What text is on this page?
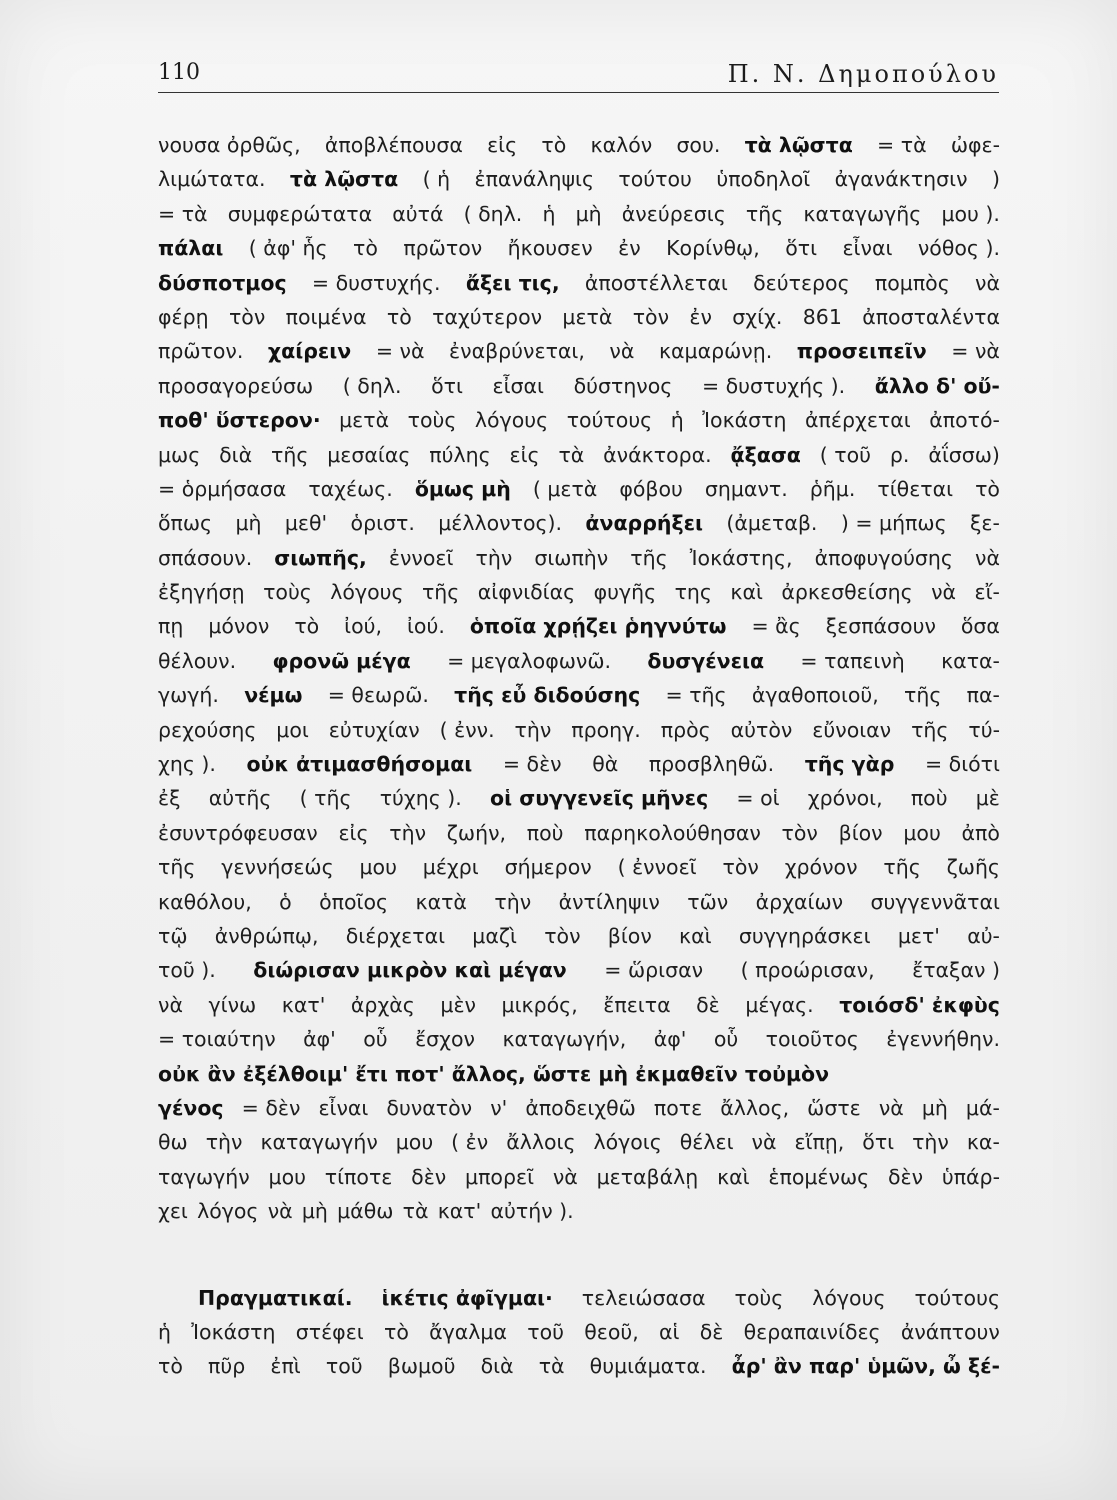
110	Π. Ν. Δημοπούλου
νουσα ὀρθῶς, ἀποβλέπουσα εἰς τὸ καλόν σου. τὰ λῷστα = τὰ ὠφε-
λιμώτατα. τὰ λῷστα ( ἡ ἐπανάληψις τούτου ὑποδηλοῖ ἀγανάκτησιν )
= τὰ συμφερώτατα αὐτά ( δηλ. ἡ μὴ ἀνεύρεσις τῆς καταγωγῆς μου ).
πάλαι ( ἀφ' ἧς τὸ πρῶτον ἤκουσεν ἐν Κορίνθῳ, ὅτι εἶναι νόθος ).
δύσποτμος = δυστυχής. ἄξει τις, ἀποστέλλεται δεύτερος πομπὸς νὰ
φέρῃ τὸν ποιμένα τὸ ταχύτερον μετὰ τὸν ἐν σχίχ. 861 ἀποσταλέντα
πρῶτον. χαίρειν = νὰ ἐναβρύνεται, νὰ καμαρώνῃ. προσειπεῖν = νὰ
προσαγορεύσω ( δηλ. ὅτι εἶσαι δύστηνος = δυστυχής ). ἄλλο δ' οὔ-
ποθ' ὕστερον· μετὰ τοὺς λόγους τούτους ἡ Ἰοκάστη ἀπέρχεται ἀποτό-
μως διὰ τῆς μεσαίας πύλης εἰς τὰ ἀνάκτορα. ᾄξασα ( τοῦ ρ. ἀΐσσω)
= ὁρμήσασα ταχέως. ὅμως μὴ ( μετὰ φόβου σημαντ. ῥῆμ. τίθεται τὸ
ὅπως μὴ μεθ' ὁριστ. μέλλοντος). ἀναρρήξει (ἀμεταβ. ) = μήπως ξε-
σπάσουν. σιωπῆς, ἐννοεῖ τὴν σιωπὴν τῆς Ἰοκάστης, ἀποφυγούσης νὰ
ἐξηγήσῃ τοὺς λόγους τῆς αἰφνιδίας φυγῆς της καὶ ἀρκεσθείσης νὰ εἴ-
πῃ μόνον τὸ ἰού, ἰού. ὁποῖα χρῄζει ῥηγνύτω = ἂς ξεσπάσουν ὅσα
θέλουν. φρονῶ μέγα = μεγαλοφωνῶ. δυσγένεια = ταπεινὴ κατα-
γωγή. νέμω = θεωρῶ. τῆς εὖ διδούσης = τῆς ἀγαθοποιοῦ, τῆς πα-
ρεχούσης μοι εὐτυχίαν ( ἐνν. τὴν προηγ. πρὸς αὐτὸν εὔνοιαν τῆς τύ-
χης ). οὐκ ἀτιμασθήσομαι = δὲν θὰ προσβληθῶ. τῆς γὰρ = διότι
ἐξ αὐτῆς ( τῆς τύχης ). οἱ συγγενεῖς μῆνες = οἱ χρόνοι, ποὺ μὲ
ἐσυντρόφευσαν εἰς τὴν ζωήν, ποὺ παρηκολούθησαν τὸν βίον μου ἀπὸ
τῆς γεννήσεώς μου μέχρι σήμερον ( ἐννοεῖ τὸν χρόνον τῆς ζωῆς
καθόλου, ὁ ὁποῖος κατὰ τὴν ἀντίληψιν τῶν ἀρχαίων συγγεννᾶται
τῷ ἀνθρώπῳ, διέρχεται μαζὶ τὸν βίον καὶ συγγηράσκει μετ' αὐ-
τοῦ ). διώρισαν μικρὸν καὶ μέγαν = ὥρισαν ( προώρισαν, ἔταξαν )
νὰ γίνω κατ' ἀρχὰς μὲν μικρός, ἔπειτα δὲ μέγας. τοιόσδ' ἐκφὺς
= τοιαύτην ἀφ' οὗ ἔσχον καταγωγήν, ἀφ' οὗ τοιοῦτος ἐγεννήθην.
οὐκ ἂν ἐξέλθοιμ' ἔτι ποτ' ἄλλος, ὥστε μὴ ἐκμαθεῖν τοὐμὸν
γένος = δὲν εἶναι δυνατὸν ν' ἀποδειχθῶ ποτε ἄλλος, ὥστε νὰ μὴ μά-
θω τὴν καταγωγήν μου ( ἐν ἄλλοις λόγοις θέλει νὰ εἴπῃ, ὅτι τὴν κα-
ταγωγήν μου τίποτε δὲν μπορεῖ νὰ μεταβάλῃ καὶ ἑπομένως δὲν ὑπάρ-
χει λόγος νὰ μὴ μάθω τὰ κατ' αὐτήν ).
Πραγματικαί. ἱκέτις ἀφῖγμαι· τελειώσασα τοὺς λόγους τούτους
ἡ Ἰοκάστη στέφει τὸ ἄγαλμα τοῦ θεοῦ, αἱ δὲ θεραπαινίδες ἀνάπτουν
τὸ πῦρ ἐπὶ τοῦ βωμοῦ διὰ τὰ θυμιάματα. ἆρ' ἂν παρ' ὑμῶν, ὦ ξέ-
